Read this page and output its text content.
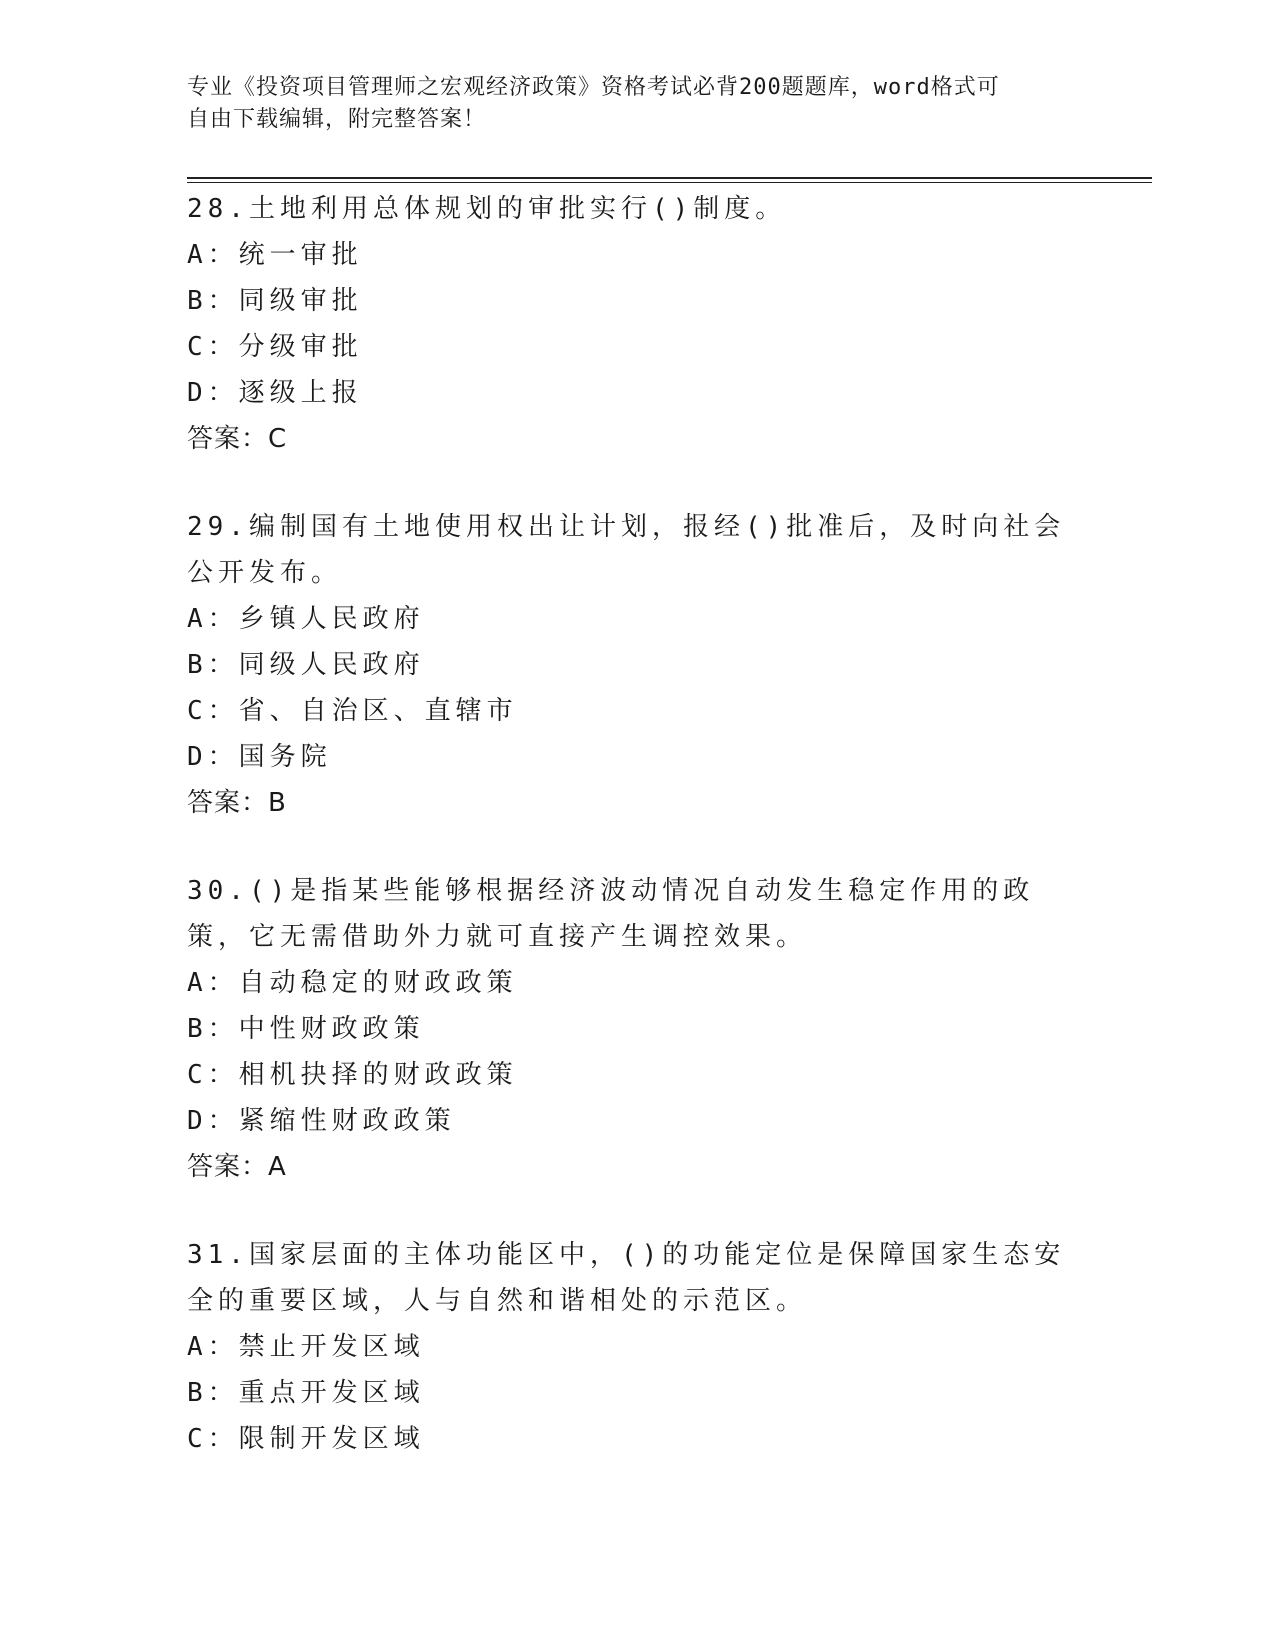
专业《投资项目管理师之宏观经济政策》资格考试必背200题题库，word格式可
自由下载编辑，附完整答案！
28.土地利用总体规划的审批实行()制度。
A：统一审批
B：同级审批
C：分级审批
D：逐级上报
答案：C
29.编制国有土地使用权出让计划，报经()批准后，及时向社会公开发布。
A：乡镇人民政府
B：同级人民政府
C：省、自治区、直辖市
D：国务院
答案：B
30.()是指某些能够根据经济波动情况自动发生稳定作用的政策，它无需借助外力就可直接产生调控效果。
A：自动稳定的财政政策
B：中性财政政策
C：相机抉择的财政政策
D：紧缩性财政政策
答案：A
31.国家层面的主体功能区中，()的功能定位是保障国家生态安全的重要区域，人与自然和谐相处的示范区。
A：禁止开发区域
B：重点开发区域
C：限制开发区域
